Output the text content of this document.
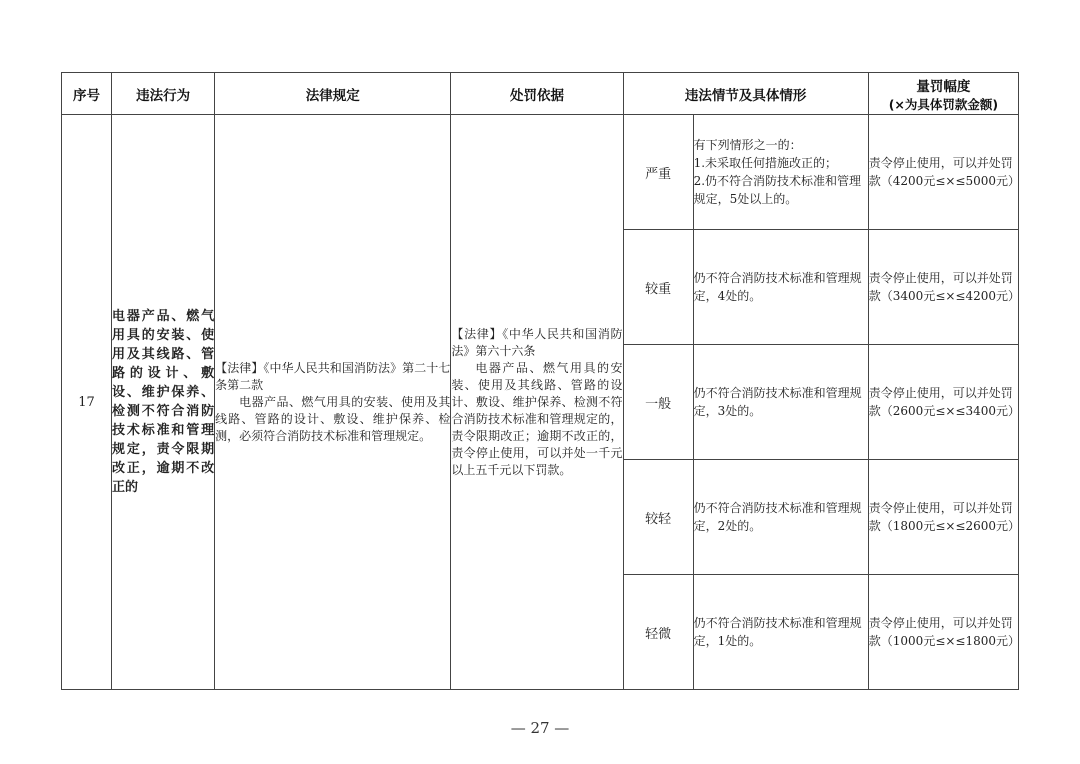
序号	违法行为	法律规定	处罚依据	违法情节及具体情形		量罚幅度
(×为具体罚款金额)

17	电器产品、燃气用具的安装、使用及其线路、管路的设计、敷设、维护保养、检测不符合消防技术标准和管理规定，责令限期改正，逾期不改正的	【法律】《中华人民共和国消防法》第二十七条第二款
电器产品、燃气用具的安装、使用及其线路、管路的设计、敷设、维护保养、检测，必须符合消防技术标准和管理规定。	【法律】《中华人民共和国消防法》第六十六条
电器产品、燃气用具的安装、使用及其线路、管路的设计、敷设、维护保养、检测不符合消防技术标准和管理规定的，责令限期改正；逾期不改正的，责令停止使用，可以并处一千元以上五千元以下罚款。	严重	有下列情形之一的：
1.未采取任何措施改正的；
2.仍不符合消防技术标准和管理规定，5处以上的。	责令停止使用，可以并处罚款（4200元≤×≤5000元）
				较重	仍不符合消防技术标准和管理规定，4处的。	责令停止使用，可以并处罚款（3400元≤×≤4200元）
				一般	仍不符合消防技术标准和管理规定，3处的。	责令停止使用，可以并处罚款（2600元≤×≤3400元）
				较轻	仍不符合消防技术标准和管理规定，2处的。	责令停止使用，可以并处罚款（1800元≤×≤2600元）
				轻微	仍不符合消防技术标准和管理规定，1处的。	责令停止使用，可以并处罚款（1000元≤×≤1800元）
— 27 —
